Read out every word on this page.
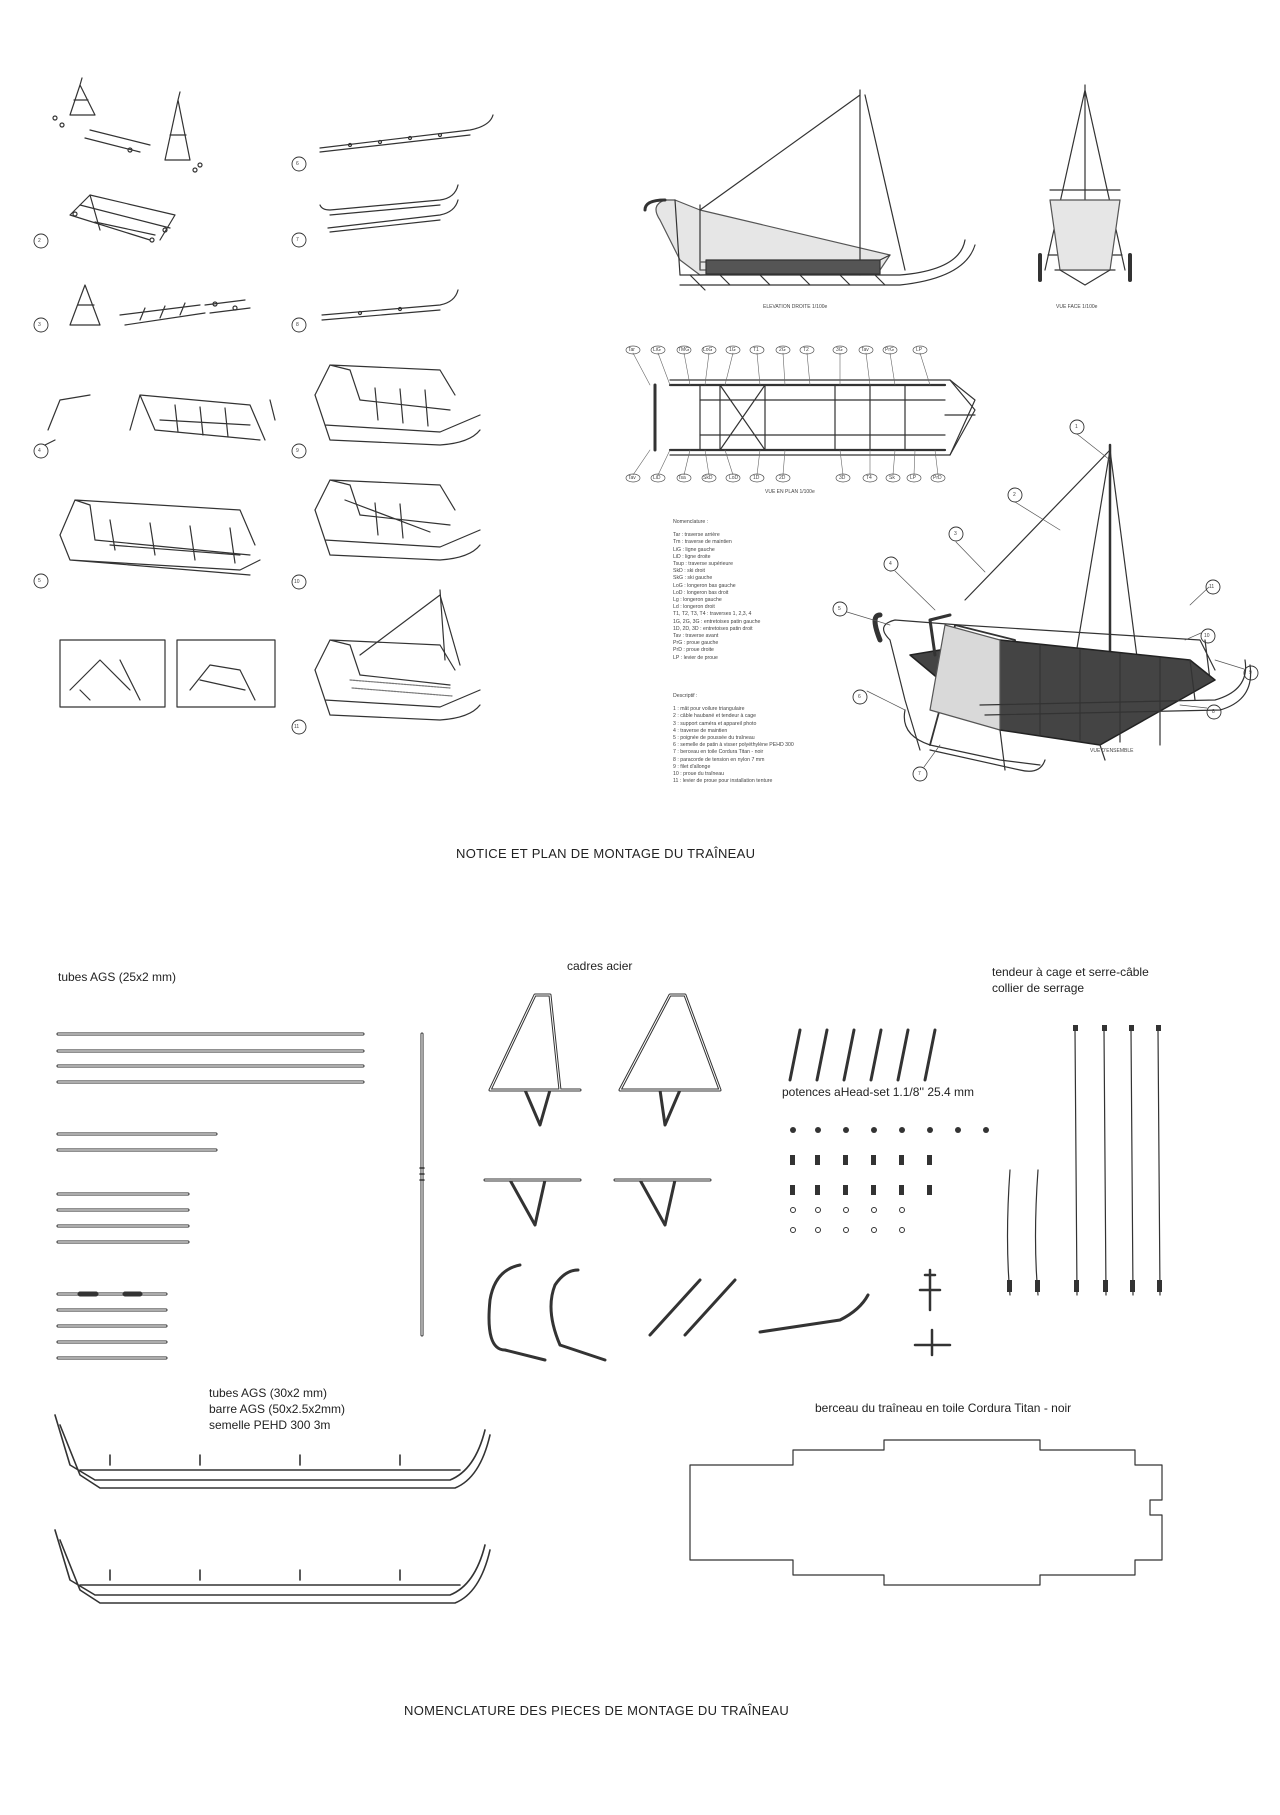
NOTICE ET PLAN DE MONTAGE DU TRAÎNEAU
NOMENCLATURE DES PIECES DE MONTAGE DU TRAÎNEAU
2
3
4
5
6
7
8
9
10
11
ELEVATION DROITE 1/100e	VUE FACE 1/100e
VUE EN PLAN 1/100e
VUE D'ENSEMBLE
Tar	LiG	TMG	LoG	1G	T1	2G	T2	3G	Tav	PrG	LP
Tav	LiD	Tsa	SkD	LoD	1D	2D	3D	T4	Sk	LP	PrD
Nomenclature :
Tar : traverse arrière
Tm : traverse de maintien
LiG : ligne gauche
LiD : ligne droite
Tsup : traverse supérieure
SkD : ski droit
SkG : ski gauche
LoG : longeron bas gauche
LoD : longeron bas droit
Lg : longeron gauche
Ld : longeron droit
T1, T2, T3, T4 : traverses 1, 2,3, 4
1G, 2G, 3G : entretoises patin gauche
1D, 2D, 3D : entretoises patin droit
Tav : traverse avant
PrG : proue gauche
PrD : proue droite
LP : levier de proue
Descriptif :
1 : mât pour voilure triangulaire
2 : câble haubané et tendeur à cage
3 : support caméra et appareil photo
4 : traverse de maintien
5 : poignée de poussée du traîneau
6 : semelle de patin à visser polyéthylène PEHD 300
7 : berceau en toile Cordura Titan - noir
8 : paracorde de tension en nylon 7 mm
9 : filet d'allonge
10 : proue du traîneau
11 : levier de proue pour installation tenture
1
2
3
4
5
6
7
8
9
10
11
tubes AGS (25x2 mm)
cadres acier	tendeur à cage et serre-câble
collier de serrage
potences aHead-set 1.1/8'' 25.4 mm
tubes AGS (30x2 mm)
barre AGS (50x2.5x2mm)
semelle PEHD 300 3m
berceau du traîneau en toile Cordura Titan - noir
